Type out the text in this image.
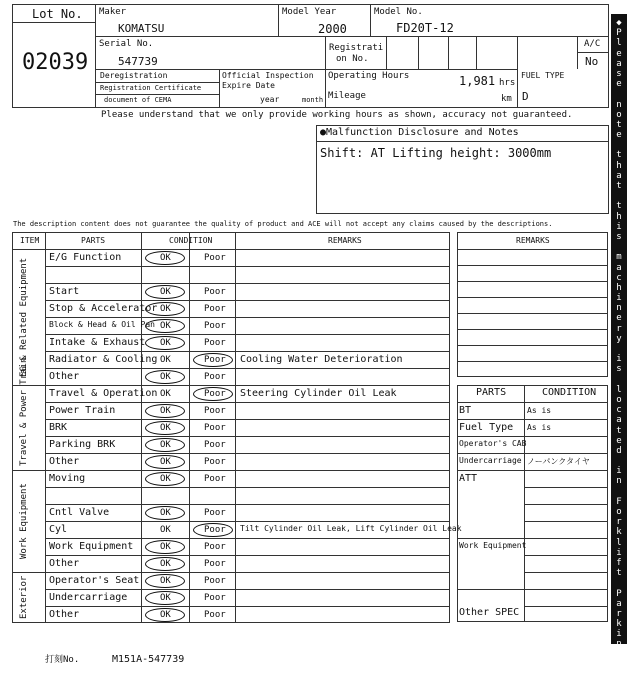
Lot No.
02039
Maker
KOMATSU
Model Year
2000
Model No.
FD20T-12
Serial No.
547739
Registrati
on No.
A/C
No
Deregistration
Registration Certificate
document of CEMA
Official Inspection
Expire Date
year	month
Operating Hours	1,981 hrs
Mileage	km
FUEL TYPE
D
Please understand that we only provide working hours as shown, accuracy not guaranteed.
●Malfunction Disclosure and Notes
Shift: AT Lifting height: 3000mm
The description content does not guarantee the quality of product and ACE will not accept any claims caused by the descriptions.
ITEM	PARTS	CONDITION	REMARKS
EG & Related Equipment
Travel & Power Train
Work Equipment
Exterior
E/G Function	OK	Poor
Start	OK	Poor
Stop & Accelerator OK	Poor
Block & Head & Oil Pan OK	Poor
Intake & Exhaust OK	Poor
Radiator & Cooling OK	Poor Cooling Water Deterioration
Other	OK	Poor
Travel & Operation OK	Poor Steering Cylinder Oil Leak
Power Train	OK	Poor
BRK	OK	Poor
Parking BRK	OK	Poor
Other	OK	Poor
Moving	OK	Poor
Cntl Valve	OK	Poor
Cyl	OK	Poor Tilt Cylinder Oil Leak, Lift Cylinder Oil Leak
Work Equipment	OK	Poor
Other	OK	Poor
Operator's Seat OK	Poor
Undercarriage	OK	Poor
Other	OK	Poor
REMARKS
PARTS	CONDITION
BT	As is
Fuel Type As is
Operator's CAB
Undercarriage ノーパンクタイヤ
ATT
Work Equipment
Other SPEC
◆
P
l
e
a
s
e

n
o
t
e

t
h
a
t

t
h
i
s

m
a
c
h
i
n
e
r
y

i
s

l
o
c
a
t
e
d

i
n

F
o
r
k
l
i
f
t

P
a
r
k
i
n
g
◆
打刻No.	M151A-547739
